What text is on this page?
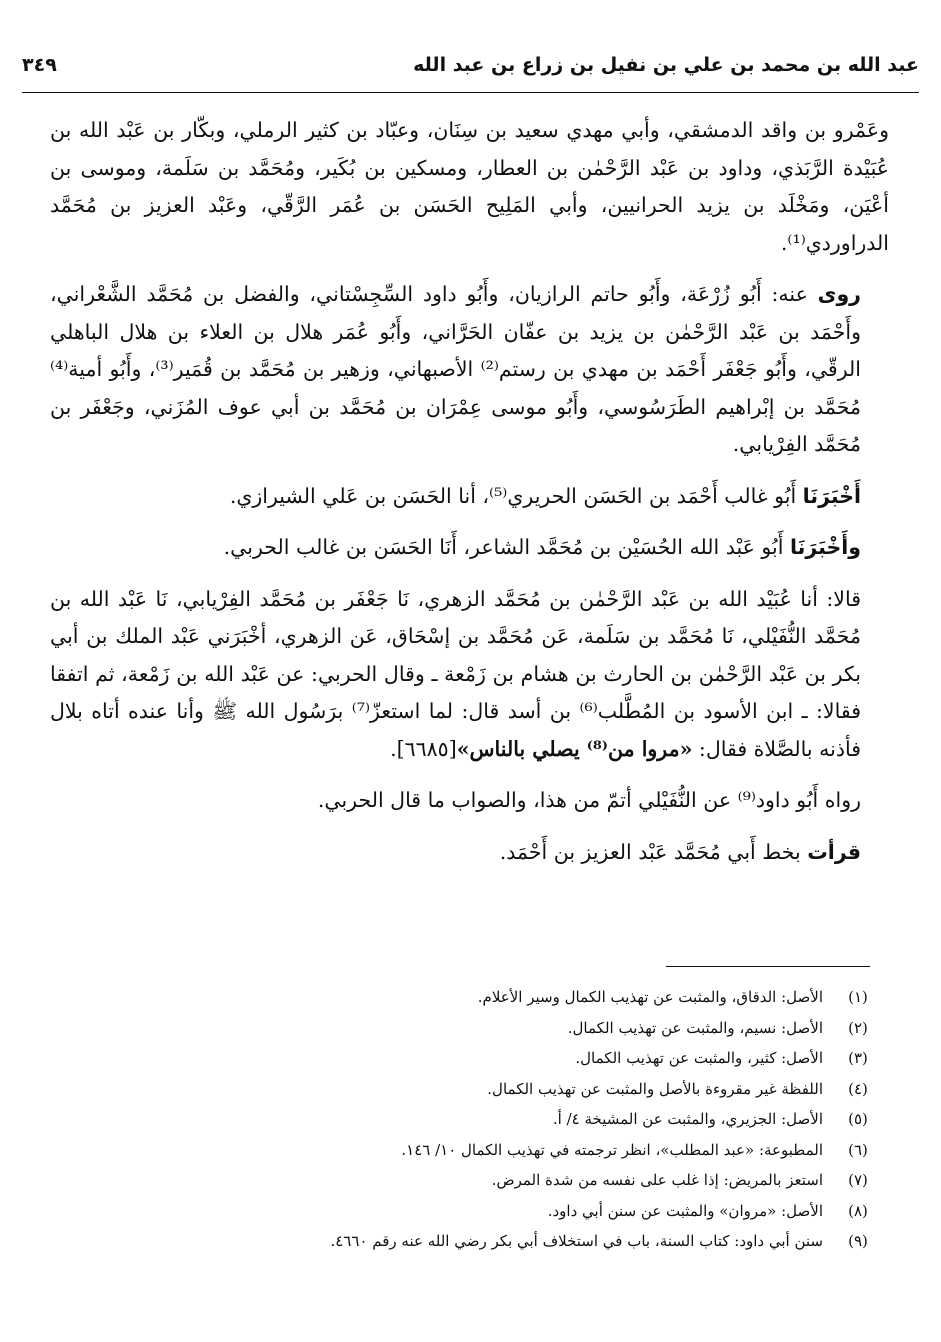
عبد الله بن محمد بن علي بن نفيل بن زراع بن عبد الله
٣٤٩

وعَمْرو بن واقد الدمشقي، وأبي مهدي سعيد بن سِنَان، وعبّاد بن كثير الرملي، وبكّار بن عَبْد الله بن عُبَيْدة الرَّبَذي، وداود بن عَبْد الرَّحْمٰن بن العطار، ومسكين بن بُكَير، ومُحَمَّد بن سَلَمة، وموسى بن أعْيَن، ومَخْلَد بن يزيد الحرانيين، وأبي المَلِيح الحَسَن بن عُمَر الرَّقّي، وعَبْد العزيز بن مُحَمَّد الدراوردي⁽¹⁾.

روى عنه: أَبُو زُرْعَة، وأَبُو حاتم الرازيان، وأَبُو داود السِّجِسْتاني، والفضل بن مُحَمَّد الشَّعْراني، وأَحْمَد بن عَبْد الرَّحْمٰن بن يزيد بن عفّان الحَرَّاني، وأَبُو عُمَر هلال بن العلاء بن هلال الباهلي الرقّي، وأَبُو جَعْفَر أَحْمَد بن مهدي بن رستم⁽²⁾ الأصبهاني، وزهير بن مُحَمَّد بن قُمَير⁽³⁾، وأَبُو أمية⁽⁴⁾ مُحَمَّد بن إبْراهيم الطَرَسُوسي، وأَبُو موسى عِمْرَان بن مُحَمَّد بن أبي عوف المُزَني، وجَعْفَر بن مُحَمَّد الفِرْيابي.

أَخْبَرَنَا أَبُو غالب أَحْمَد بن الحَسَن الحريري⁽⁵⁾، أنا الحَسَن بن عَلي الشيرازي.

وأَخْبَرَنَا أَبُو عَبْد الله الحُسَيْن بن مُحَمَّد الشاعر، أَنَا الحَسَن بن غالب الحربي.

قالا: أنا عُبَيْد الله بن عَبْد الرَّحْمٰن بن مُحَمَّد الزهري، نَا جَعْفَر بن مُحَمَّد الفِرْيابي، نَا عَبْد الله بن مُحَمَّد النُّفَيْلي، نَا مُحَمَّد بن سَلَمة، عَن مُحَمَّد بن إسْحَاق، عَن الزهري، أخْبَرَني عَبْد الملك بن أبي بكر بن عَبْد الرَّحْمٰن بن الحارث بن هشام بن زَمْعة ـ وقال الحربي: عن عَبْد الله بن زَمْعة، ثم اتفقا فقالا: ـ ابن الأسود بن المُطَّلب⁽⁶⁾ بن أسد قال: لما استعزّ⁽⁷⁾ برَسُول الله ﷺ وأنا عنده أتاه بلال فأذنه بالصَّلاة فقال: «مروا من⁽⁸⁾ يصلي بالناس»[٦٦٨٥].

رواه أَبُو داود⁽⁹⁾ عن النُّفَيْلي أتمّ من هذا، والصواب ما قال الحربي.

قرأت بخط أَبي مُحَمَّد عَبْد العزيز بن أَحْمَد.

(١)
الأصل: الدقاق، والمثبت عن تهذيب الكمال وسير الأعلام.
(٢)
الأصل: نسيم، والمثبت عن تهذيب الكمال.
(٣)
الأصل: كثير، والمثبت عن تهذيب الكمال.
(٤)
اللفظة غير مقروءة بالأصل والمثبت عن تهذيب الكمال.
(٥)
الأصل: الجزيري، والمثبت عن المشيخة ٤/ أ.
(٦)
المطبوعة: «عبد المطلب»، انظر ترجمته في تهذيب الكمال ١٠/ ١٤٦.
(٧)
استعز بالمريض: إذا غلب على نفسه من شدة المرض.
(٨)
الأصل: «مروان» والمثبت عن سنن أبي داود.
(٩)
سنن أبي داود: كتاب السنة، باب في استخلاف أبي بكر رضي الله عنه رقم ٤٦٦٠.
